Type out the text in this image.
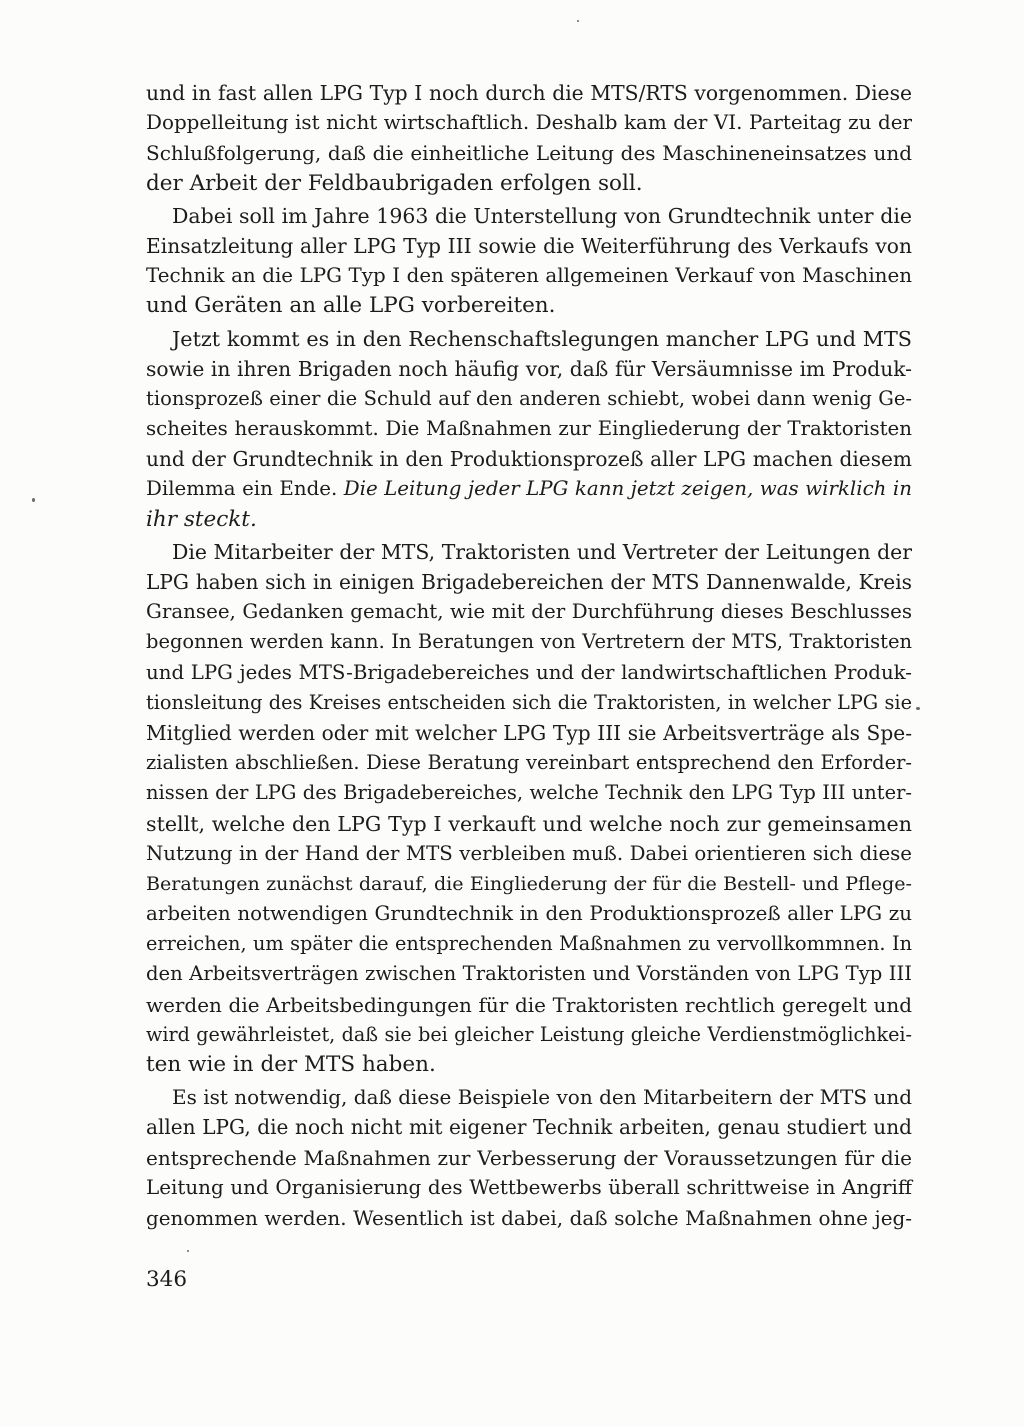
und in fast allen LPG Typ I noch durch die MTS/RTS vorgenommen. Diese
Doppelleitung ist nicht wirtschaftlich. Deshalb kam der VI. Parteitag zu der
Schlußfolgerung, daß die einheitliche Leitung des Maschineneinsatzes und
der Arbeit der Feldbaubrigaden erfolgen soll.
Dabei soll im Jahre 1963 die Unterstellung von Grundtechnik unter die
Einsatzleitung aller LPG Typ III sowie die Weiterführung des Verkaufs von
Technik an die LPG Typ I den späteren allgemeinen Verkauf von Maschinen
und Geräten an alle LPG vorbereiten.
Jetzt kommt es in den Rechenschaftslegungen mancher LPG und MTS
sowie in ihren Brigaden noch häufig vor, daß für Versäumnisse im Produk-
tionsprozeß einer die Schuld auf den anderen schiebt, wobei dann wenig Ge-
scheites herauskommt. Die Maßnahmen zur Eingliederung der Traktoristen
und der Grundtechnik in den Produktionsprozeß aller LPG machen diesem
Dilemma ein Ende. Die Leitung jeder LPG kann jetzt zeigen, was wirklich in
ihr steckt.
Die Mitarbeiter der MTS, Traktoristen und Vertreter der Leitungen der
LPG haben sich in einigen Brigadebereichen der MTS Dannenwalde, Kreis
Gransee, Gedanken gemacht, wie mit der Durchführung dieses Beschlusses
begonnen werden kann. In Beratungen von Vertretern der MTS, Traktoristen
und LPG jedes MTS-Brigadebereiches und der landwirtschaftlichen Produk-
tionsleitung des Kreises entscheiden sich die Traktoristen, in welcher LPG sie
Mitglied werden oder mit welcher LPG Typ III sie Arbeitsverträge als Spe-
zialisten abschließen. Diese Beratung vereinbart entsprechend den Erforder-
nissen der LPG des Brigadebereiches, welche Technik den LPG Typ III unter-
stellt, welche den LPG Typ I verkauft und welche noch zur gemeinsamen
Nutzung in der Hand der MTS verbleiben muß. Dabei orientieren sich diese
Beratungen zunächst darauf, die Eingliederung der für die Bestell- und Pflege-
arbeiten notwendigen Grundtechnik in den Produktionsprozeß aller LPG zu
erreichen, um später die entsprechenden Maßnahmen zu vervollkommnen. In
den Arbeitsverträgen zwischen Traktoristen und Vorständen von LPG Typ III
werden die Arbeitsbedingungen für die Traktoristen rechtlich geregelt und
wird gewährleistet, daß sie bei gleicher Leistung gleiche Verdienstmöglichkei-
ten wie in der MTS haben.
Es ist notwendig, daß diese Beispiele von den Mitarbeitern der MTS und
allen LPG, die noch nicht mit eigener Technik arbeiten, genau studiert und
entsprechende Maßnahmen zur Verbesserung der Voraussetzungen für die
Leitung und Organisierung des Wettbewerbs überall schrittweise in Angriff
genommen werden. Wesentlich ist dabei, daß solche Maßnahmen ohne jeg-
346
